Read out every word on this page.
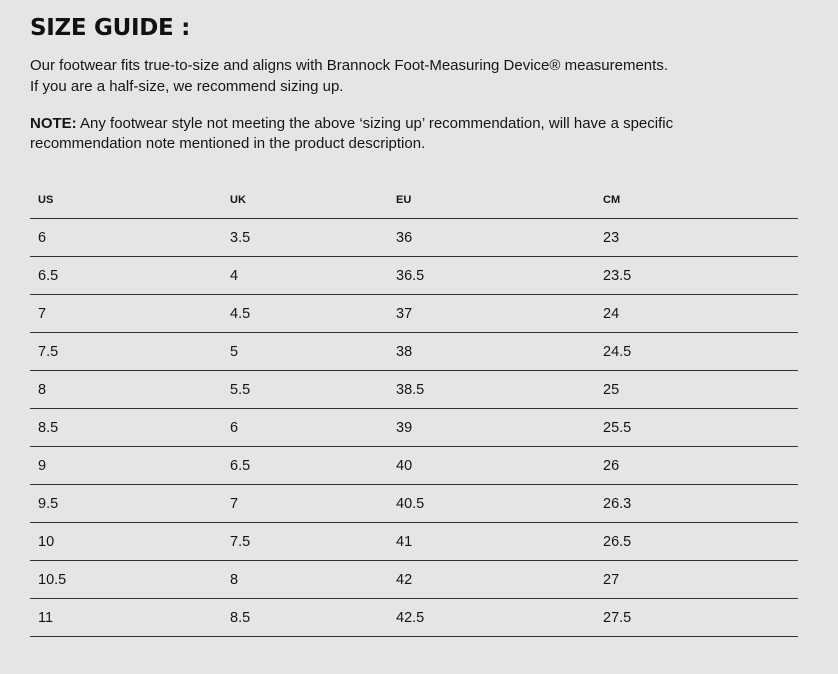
SIZE GUIDE :

Our footwear fits true-to-size and aligns with Brannock Foot-Measuring Device® measurements.
If you are a half-size, we recommend sizing up.

NOTE: Any footwear style not meeting the above ‘sizing up’ recommendation, will have a specific
recommendation note mentioned in the product description.

US	UK	EU	CM
6	3.5	36	23
6.5	4	36.5	23.5
7	4.5	37	24
7.5	5	38	24.5
8	5.5	38.5	25
8.5	6	39	25.5
9	6.5	40	26
9.5	7	40.5	26.3
10	7.5	41	26.5
10.5	8	42	27
11	8.5	42.5	27.5
